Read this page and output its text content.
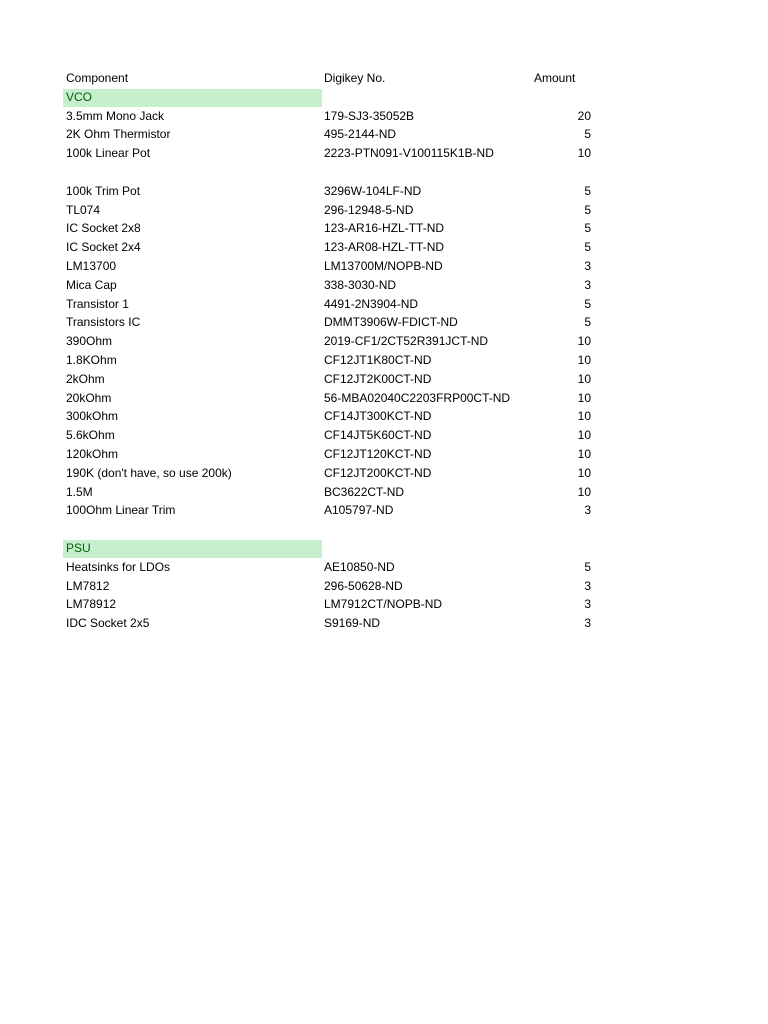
Component	Digikey No.	Amount
VCO
3.5mm Mono Jack	179-SJ3-35052B	20
2K Ohm Thermistor	495-2144-ND	5
100k Linear Pot	2223-PTN091-V100115K1B-ND	10
100k Trim Pot	3296W-104LF-ND	5
TL074	296-12948-5-ND	5
IC Socket 2x8	123-AR16-HZL-TT-ND	5
IC Socket 2x4	123-AR08-HZL-TT-ND	5
LM13700	LM13700M/NOPB-ND	3
Mica Cap	338-3030-ND	3
Transistor 1	4491-2N3904-ND	5
Transistors IC	DMMT3906W-FDICT-ND	5
390Ohm	2019-CF1/2CT52R391JCT-ND	10
1.8KOhm	CF12JT1K80CT-ND	10
2kOhm	CF12JT2K00CT-ND	10
20kOhm	56-MBA02040C2203FRP00CT-ND	10
300kOhm	CF14JT300KCT-ND	10
5.6kOhm	CF14JT5K60CT-ND	10
120kOhm	CF12JT120KCT-ND	10
190K (don't have, so use 200k)	CF12JT200KCT-ND	10
1.5M	BC3622CT-ND	10
100Ohm Linear Trim	A105797-ND	3
PSU
Heatsinks for LDOs	AE10850-ND	5
LM7812	296-50628-ND	3
LM78912	LM7912CT/NOPB-ND	3
IDC Socket 2x5	S9169-ND	3
